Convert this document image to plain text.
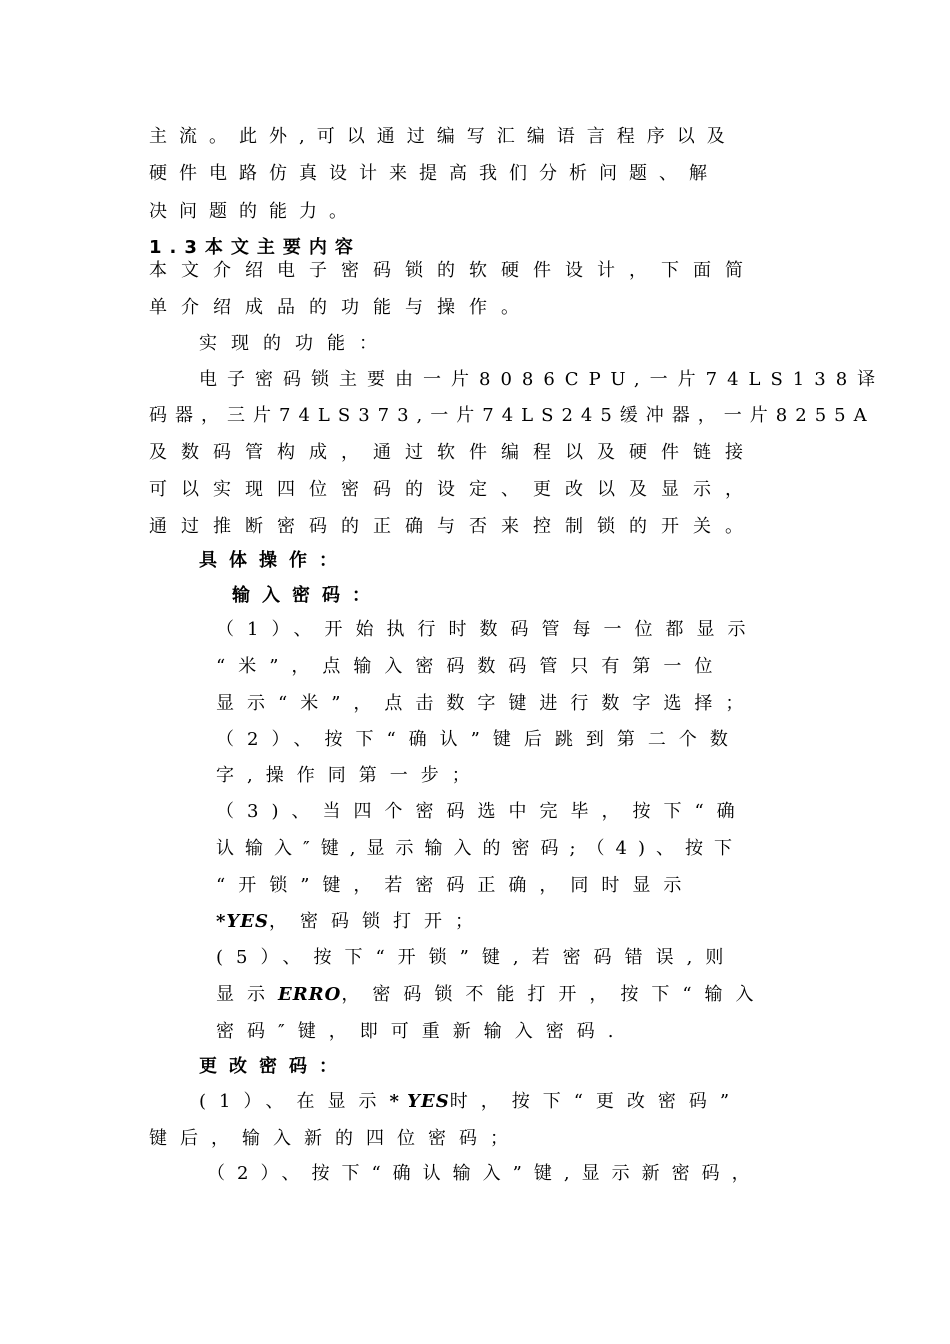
主流。此外,可以通过编写汇编语言程序以及
硬件电路仿真设计来提高我们分析问题、解
决问题的能力。
1.3本文主要内容
本文介绍电子密码锁的软硬件设计，下面简
单介绍成品的功能与操作。
实现的功能：
电子密码锁主要由一片8086CPU,一片74LS138译
码器，三片74LS373,一片74LS245缓冲器，一片8255A
及数码管构成，通过软件编程以及硬件链接
可以实现四位密码的设定、更改以及显示，
通过推断密码的正确与否来控制锁的开关。
具体操作：
输入密码：
（1）、开始执行时数码管每一位都显示
“米”，点输入密码数码管只有第一位
显示“米”，点击数字键进行数字选择；
（2）、按下“确认”键后跳到第二个数
字,操作同第一步；
（3)、当四个密码选中完毕，按下“确
认输入″键,显示输入的密码;（4)、按下
“开锁”键，若密码正确，同时显示
*YES，密码锁打开；
(5）、按下“开锁”键,若密码错误,则
显示ERRO，密码锁不能打开，按下“输入
密码″键，即可重新输入密码.
更改密码：
(1）、在显示* YES时，按下“更改密码”
键后，输入新的四位密码；
（2）、按下“确认输入”键,显示新密码，
